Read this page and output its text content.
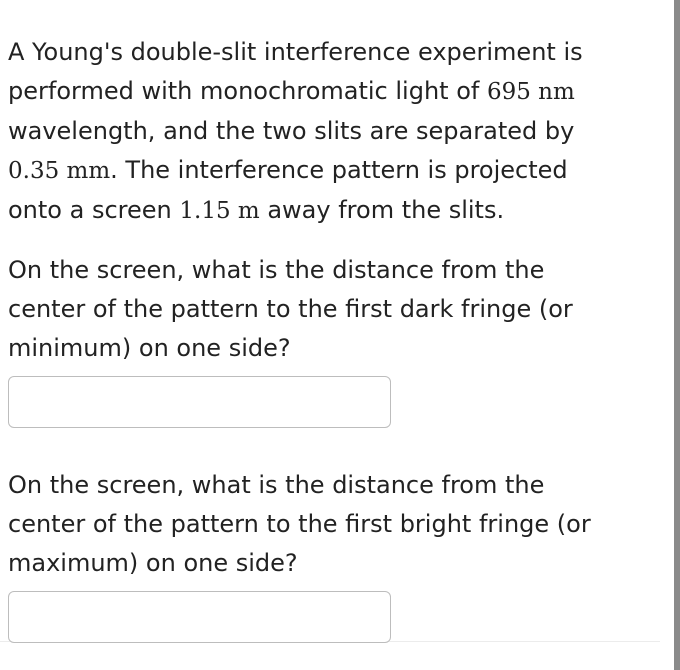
A Young's double-slit interference experiment is

performed with monochromatic light of 695 nm

wavelength, and the two slits are separated by

0.35 mm. The interference pattern is projected

onto a screen 1.15 m away from the slits.

On the screen, what is the distance from the

center of the pattern to the first dark fringe (or

minimum) on one side?

On the screen, what is the distance from the

center of the pattern to the first bright fringe (or

maximum) on one side?
